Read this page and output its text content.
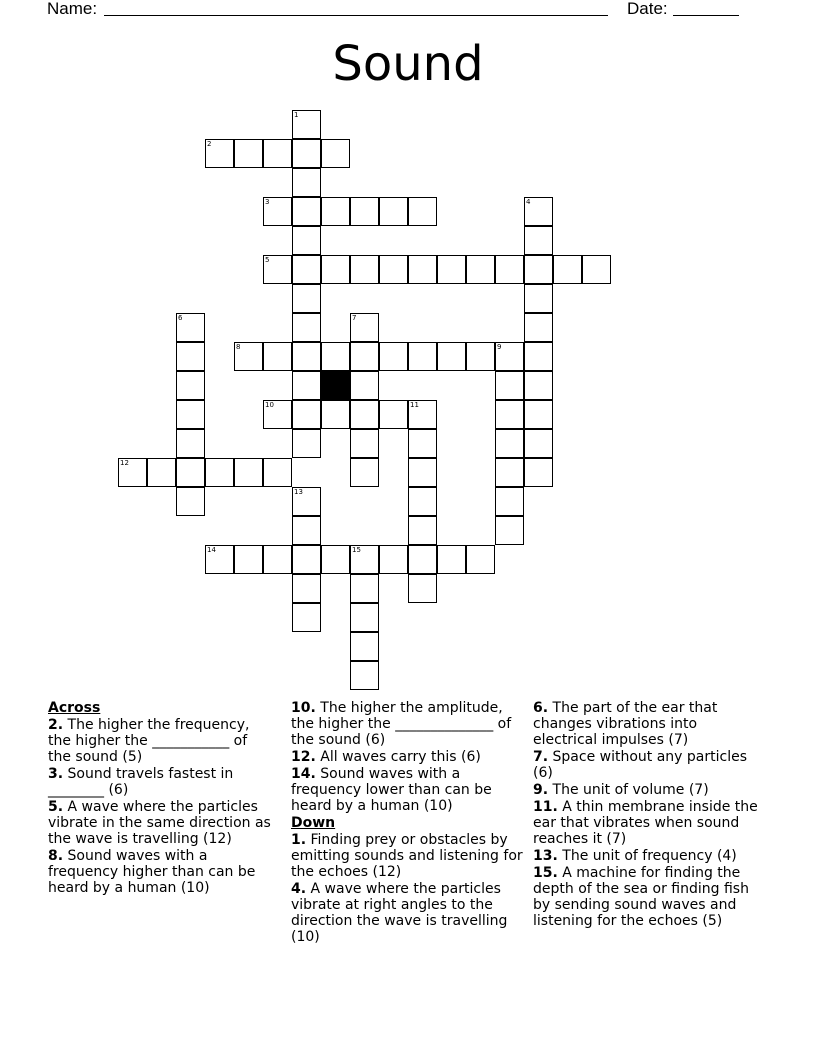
Name:	Date:
Sound
1
2
3	4
5
6	7
8	9
10	11
12
13
14	15
Across
2. The higher the frequency, the higher the ___________ of the sound (5)
3. Sound travels fastest in ________ (6)
5. A wave where the particles vibrate in the same direction as the wave is travelling (12)
8. Sound waves with a frequency higher than can be heard by a human (10)
10. The higher the amplitude, the higher the ______________ of the sound (6)
12. All waves carry this (6)
14. Sound waves with a frequency lower than can be heard by a human (10)
Down
1. Finding prey or obstacles by emitting sounds and listening for the echoes (12)
4. A wave where the particles vibrate at right angles to the direction the wave is travelling (10)
6. The part of the ear that changes vibrations into electrical impulses (7)
7. Space without any particles (6)
9. The unit of volume (7)
11. A thin membrane inside the ear that vibrates when sound reaches it (7)
13. The unit of frequency (4)
15. A machine for finding the depth of the sea or finding fish by sending sound waves and listening for the echoes (5)
